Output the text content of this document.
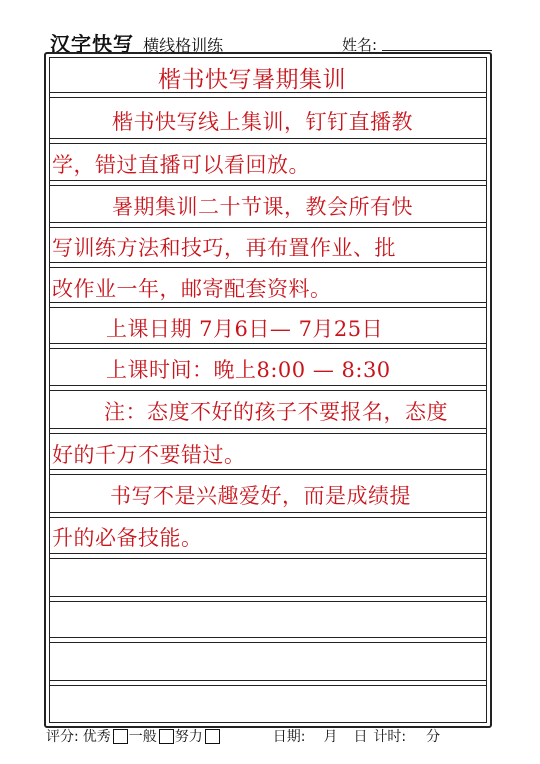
汉字快写 横线格训练	姓名:
楷书快写暑期集训
楷书快写线上集训，钉钉直播教
学，错过直播可以看回放。
暑期集训二十节课，教会所有快
写训练方法和技巧，再布置作业、批
改作业一年，邮寄配套资料。
上课日期 7月6日— 7月25日
上课时间：晚上8:00 — 8:30
注：态度不好的孩子不要报名，态度
好的千万不要错过。
书写不是兴趣爱好，而是成绩提
升的必备技能。
评分: 优秀 一般 努力	日期: 月 日 计时: 分
